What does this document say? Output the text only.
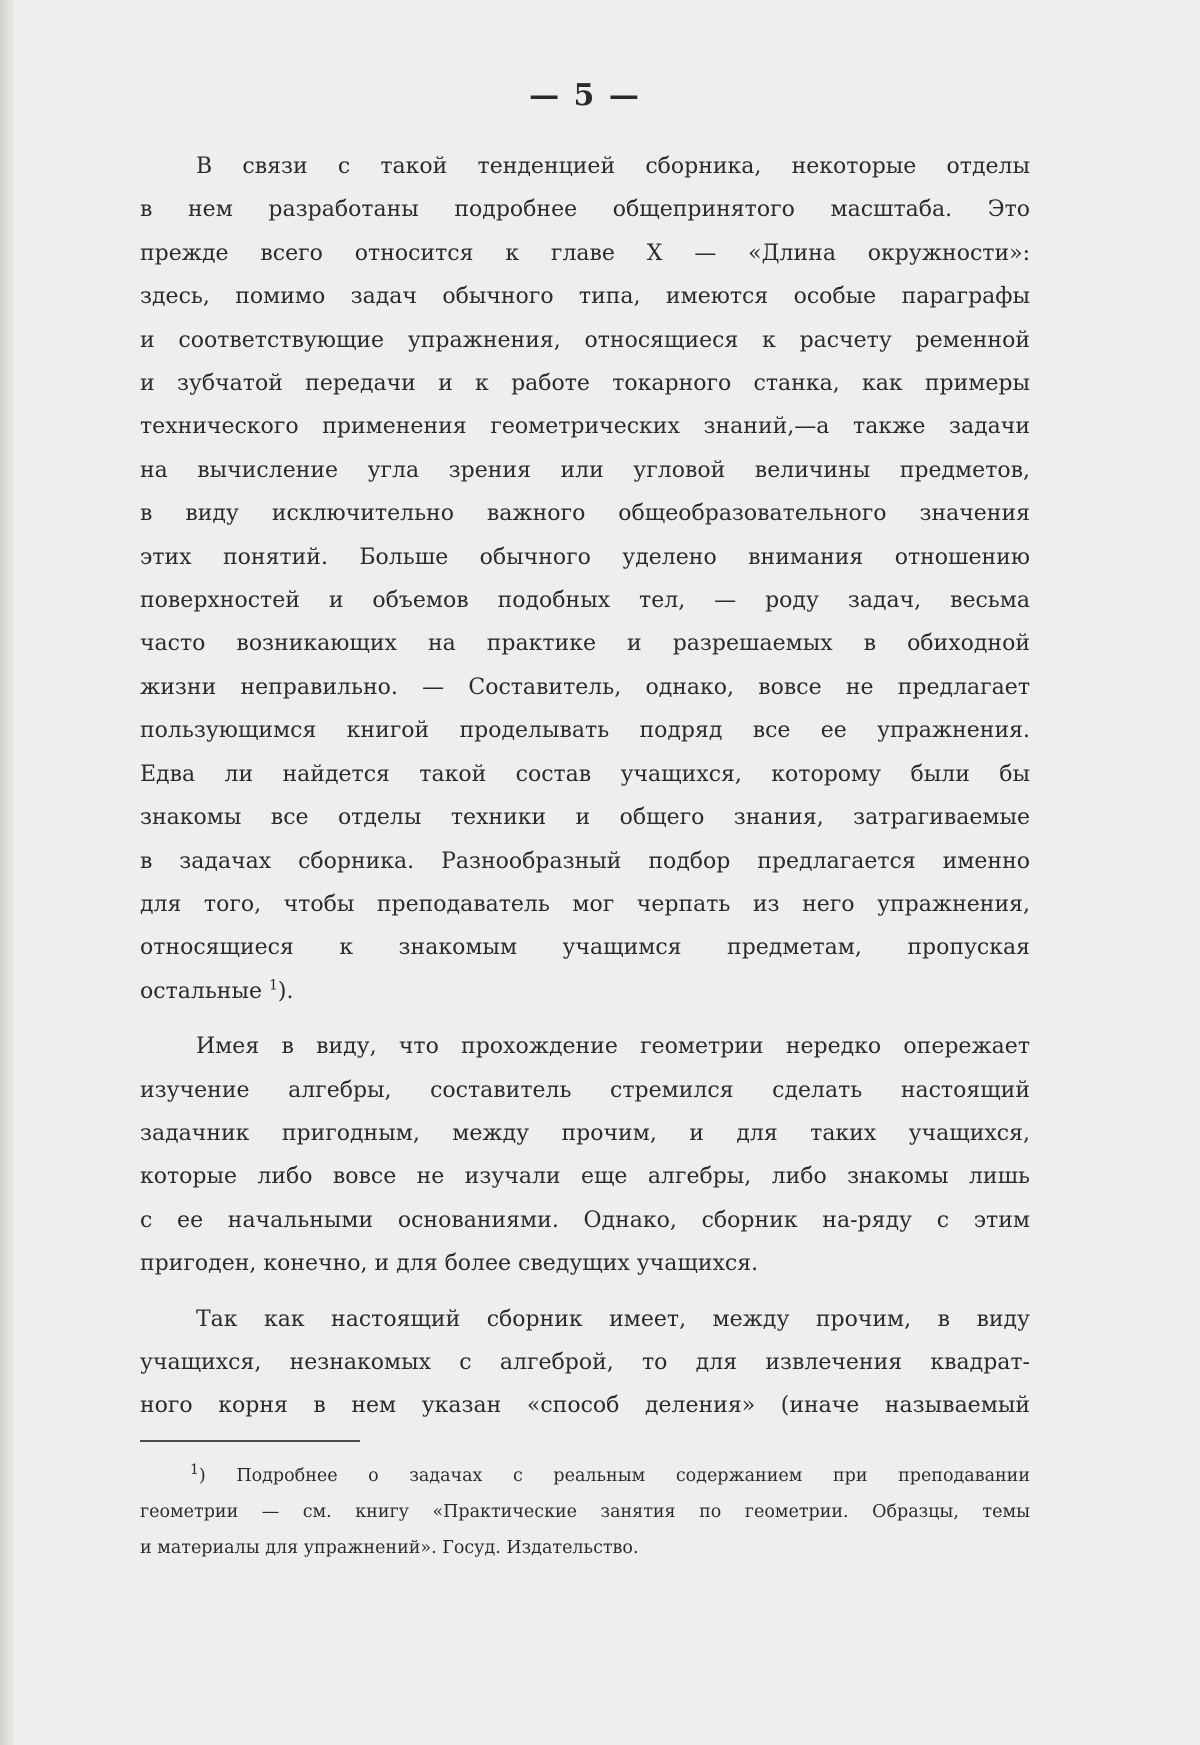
— 5 —
В связи с такой тенденцией сборника, некоторые отделы
в нем разработаны подробнее общепринятого масштаба. Это
прежде всего относится к главе X — «Длина окружности»:
здесь, помимо задач обычного типа, имеются особые параграфы
и соответствующие упражнения, относящиеся к расчету ременной
и зубчатой передачи и к работе токарного станка, как примеры
технического применения геометрических знаний,—а также задачи
на вычисление угла зрения или угловой величины предметов,
в виду исключительно важного общеобразовательного значения
этих понятий. Больше обычного уделено внимания отношению
поверхностей и объемов подобных тел, — роду задач, весьма
часто возникающих на практике и разрешаемых в обиходной
жизни неправильно. — Составитель, однако, вовсе не предлагает
пользующимся книгой проделывать подряд все ее упражнения.
Едва ли найдется такой состав учащихся, которому были бы
знакомы все отделы техники и общего знания, затрагиваемые
в задачах сборника. Разнообразный подбор предлагается именно
для того, чтобы преподаватель мог черпать из него упражнения,
относящиеся к знакомым учащимся предметам, пропуская
остальные $^1$).
Имея в виду, что прохождение геометрии нередко опережает
изучение алгебры, составитель стремился сделать настоящий
задачник пригодным, между прочим, и для таких учащихся,
которые либо вовсе не изучали еще алгебры, либо знакомы лишь
с ее начальными основаниями. Однако, сборник на-ряду с этим
пригоден, конечно, и для более сведущих учащихся.
Так как настоящий сборник имеет, между прочим, в виду
учащихся, незнакомых с алгеброй, то для извлечения квадрат-
ного корня в нем указан «способ деления» (иначе называемый
$^1$) Подробнее о задачах с реальным содержанием при преподавании
геометрии — см. книгу «Практические занятия по геометрии. Образцы, темы
и материалы для упражнений». Госуд. Издательство.
